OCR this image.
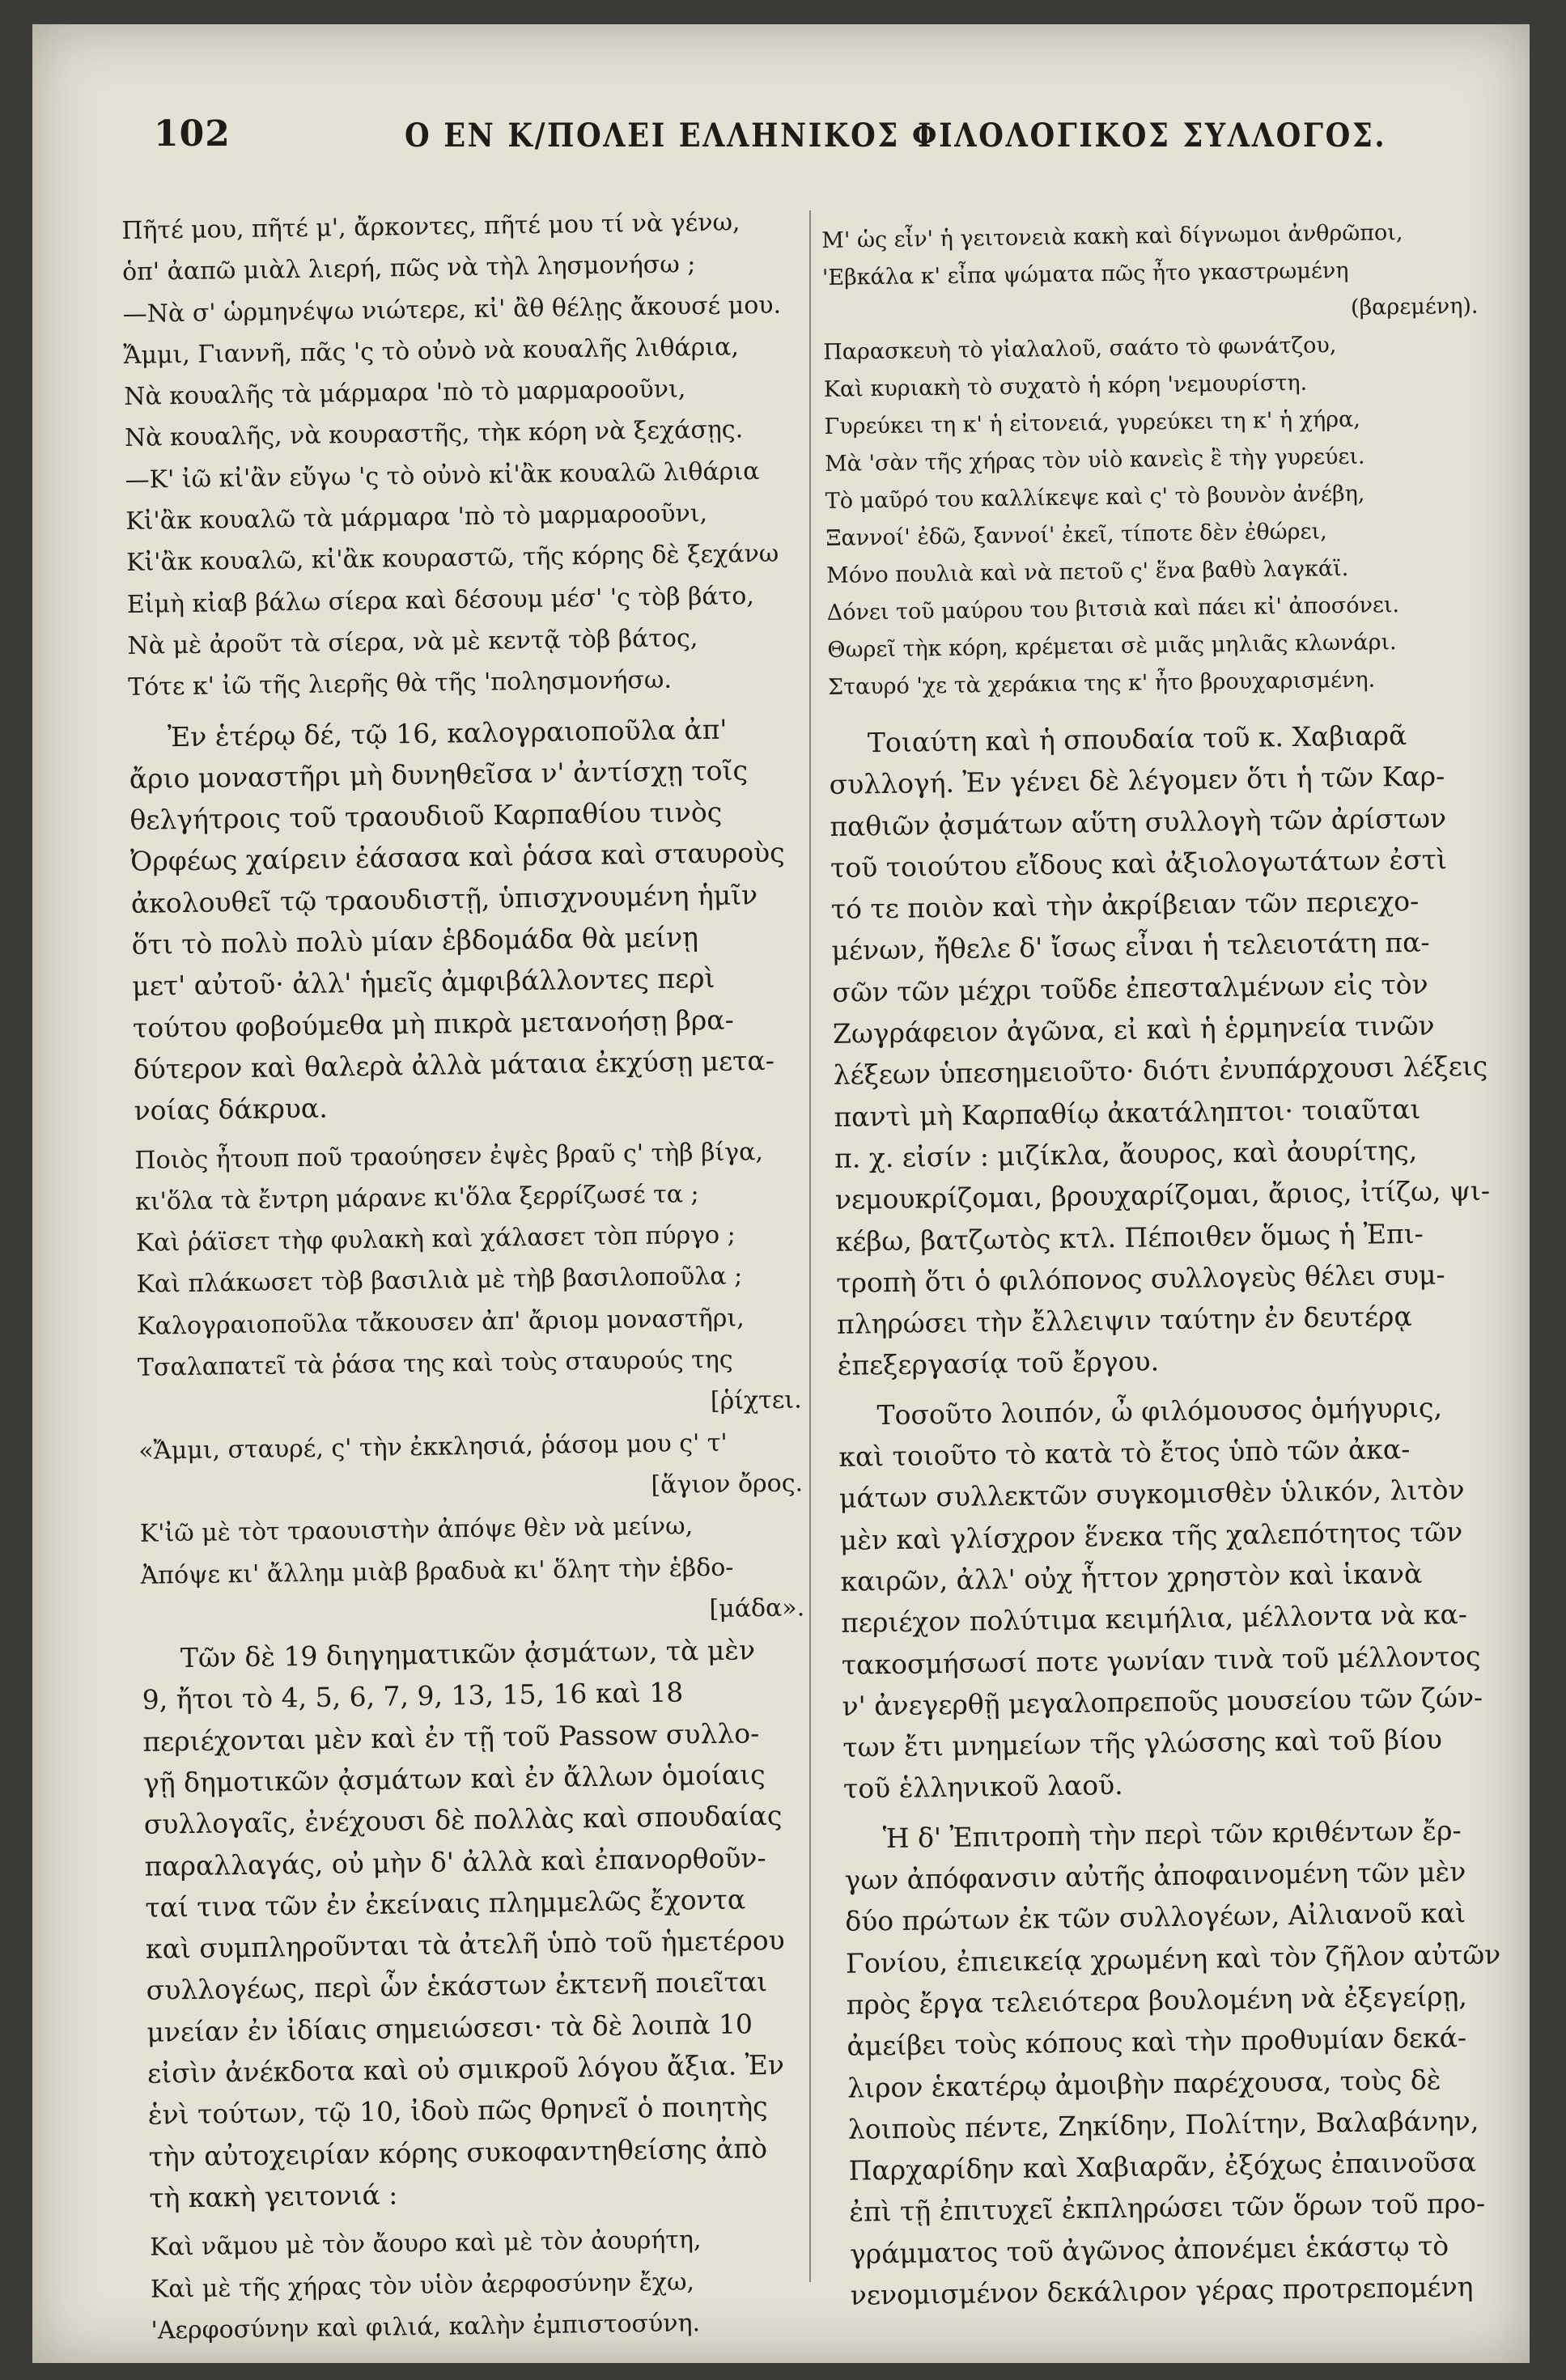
102	Ο ΕΝ Κ/ΠΟΛΕΙ ΕΛΛΗΝΙΚΟΣ ΦΙΛΟΛΟΓΙΚΟΣ ΣΥΛΛΟΓΟΣ.
Πῆτέ μου, πῆτέ μ', ἄρκοντες, πῆτέ μου τί νὰ γένω,
ὁπ' ἀαπῶ μιὰλ λιερή, πῶς νὰ τὴλ λησμονήσω ;
—Νὰ σ' ὡρμηνέψω νιώτερε, κἰ' ἂθ θέλῃς ἄκουσέ μου.
Ἄμμι, Γιαννῆ, πᾶς 'ς τὸ οὐνὸ νὰ κουαλῆς λιθάρια,
Νὰ κουαλῆς τὰ μάρμαρα 'πὸ τὸ μαρμαροοῦνι,
Νὰ κουαλῆς, νὰ κουραστῆς, τὴκ κόρη νὰ ξεχάσῃς.
—Κ' ἰῶ κἰ'ἂν εὔγω 'ς τὸ οὐνὸ κἰ'ἂκ κουαλῶ λιθάρια
Κἰ'ἂκ κουαλῶ τὰ μάρμαρα 'πὸ τὸ μαρμαροοῦνι,
Κἰ'ἂκ κουαλῶ, κἰ'ἂκ κουραστῶ, τῆς κόρης δὲ ξεχάνω
Εἰμὴ κἰαβ βάλω σίερα καὶ δέσουμ μέσ' 'ς τὸβ βάτο,
Νὰ μὲ ἀροῦτ τὰ σίερα, νὰ μὲ κεντᾷ τὸβ βάτος,
Τότε κ' ἰῶ τῆς λιερῆς θὰ τῆς 'πολησμονήσω.
Ἐν ἑτέρῳ δέ, τῷ 16, καλογραιοποῦλα ἀπ'
ἄριο μοναστῆρι μὴ δυνηθεῖσα ν' ἀντίσχῃ τοῖς
θελγήτροις τοῦ τραουδιοῦ Καρπαθίου τινὸς
Ὀρφέως χαίρειν ἐάσασα καὶ ῥάσα καὶ σταυροὺς
ἀκολουθεῖ τῷ τραουδιστῇ, ὑπισχνουμένη ἡμῖν
ὅτι τὸ πολὺ πολὺ μίαν ἑβδομάδα θὰ μείνῃ
μετ' αὐτοῦ· ἀλλ' ἡμεῖς ἀμφιβάλλοντες περὶ
τούτου φοβούμεθα μὴ πικρὰ μετανοήσῃ βρα-
δύτερον καὶ θαλερὰ ἀλλὰ μάταια ἐκχύσῃ μετα-
νοίας δάκρυα.
Ποιὸς ἦτουπ ποῦ τραούησεν ἐψὲς βραῦ ς' τὴβ βίγα,
κι'ὅλα τὰ ἔντρη μάρανε κι'ὅλα ξερρίζωσέ τα ;
Καὶ ῥάϊσετ τὴφ φυλακὴ καὶ χάλασετ τὸπ πύργο ;
Καὶ πλάκωσετ τὸβ βασιλιὰ μὲ τὴβ βασιλοποῦλα ;
Καλογραιοποῦλα τἄκουσεν ἀπ' ἄριομ μοναστῆρι,
Τσαλαπατεῖ τὰ ῥάσα της καὶ τοὺς σταυρούς της
[ῥίχτει.
«Ἄμμι, σταυρέ, ς' τὴν ἐκκλησιά, ῥάσομ μου ς' τ'
[ἅγιον ὄρος.
Κ'ἰῶ μὲ τὸτ τραουιστὴν ἀπόψε θὲν νὰ μείνω,
Ἀπόψε κι' ἄλλημ μιὰβ βραδυὰ κι' ὅλητ τὴν ἑβδο-
[μάδα».
Τῶν δὲ 19 διηγηματικῶν ᾀσμάτων, τὰ μὲν
9, ἤτοι τὸ 4, 5, 6, 7, 9, 13, 15, 16 καὶ 18
περιέχονται μὲν καὶ ἐν τῇ τοῦ Passow συλλο-
γῇ δημοτικῶν ᾀσμάτων καὶ ἐν ἄλλων ὁμοίαις
συλλογαῖς, ἐνέχουσι δὲ πολλὰς καὶ σπουδαίας
παραλλαγάς, οὐ μὴν δ' ἀλλὰ καὶ ἐπανορθοῦν-
ταί τινα τῶν ἐν ἐκείναις πλημμελῶς ἔχοντα
καὶ συμπληροῦνται τὰ ἀτελῆ ὑπὸ τοῦ ἡμετέρου
συλλογέως, περὶ ὧν ἑκάστων ἐκτενῆ ποιεῖται
μνείαν ἐν ἰδίαις σημειώσεσι· τὰ δὲ λοιπὰ 10
εἰσὶν ἀνέκδοτα καὶ οὐ σμικροῦ λόγου ἄξια. Ἐν
ἑνὶ τούτων, τῷ 10, ἰδοὺ πῶς θρηνεῖ ὁ ποιητὴς
τὴν αὐτοχειρίαν κόρης συκοφαντηθείσης ἀπὸ
τὴ κακὴ γειτονιά :
Καὶ νᾶμου μὲ τὸν ἄουρο καὶ μὲ τὸν ἀουρήτη,
Καὶ μὲ τῆς χήρας τὸν υἱὸν ἀερφοσύνην ἔχω,
'Αερφοσύνην καὶ φιλιά, καλὴν ἐμπιστοσύνη.
Μ' ὡς εἶν' ἡ γειτονειὰ κακὴ καὶ δίγνωμοι ἀνθρῶποι,
'Εβκάλα κ' εἶπα ψώματα πῶς ἦτο γκαστρωμένη
(βαρεμένη).
Παρασκευὴ τὸ γἰαλαλοῦ, σαάτο τὸ φωνάτζου,
Καὶ κυριακὴ τὸ συχατὸ ἡ κόρη 'νεμουρίστη.
Γυρεύκει τη κ' ἡ εἰτονειά, γυρεύκει τη κ' ἡ χήρα,
Μὰ 'σὰν τῆς χήρας τὸν υἱὸ κανεὶς ἒ τὴγ γυρεύει.
Τὸ μαῦρό του καλλίκεψε καὶ ς' τὸ βουνὸν ἀνέβη,
Ξαννοί' ἐδῶ, ξαννοί' ἐκεῖ, τίποτε δὲν ἐθώρει,
Μόνο πουλιὰ καὶ νὰ πετοῦ ς' ἕνα βαθὺ λαγκάϊ.
Δόνει τοῦ μαύρου του βιτσιὰ καὶ πάει κἰ' ἀποσόνει.
Θωρεῖ τὴκ κόρη, κρέμεται σὲ μιᾶς μηλιᾶς κλωνάρι.
Σταυρό 'χε τὰ χεράκια της κ' ἦτο βρουχαρισμένη.
Τοιαύτη καὶ ἡ σπουδαία τοῦ κ. Χαβιαρᾶ
συλλογή. Ἐν γένει δὲ λέγομεν ὅτι ἡ τῶν Καρ-
παθιῶν ᾀσμάτων αὕτη συλλογὴ τῶν ἀρίστων
τοῦ τοιούτου εἴδους καὶ ἀξιολογωτάτων ἐστὶ
τό τε ποιὸν καὶ τὴν ἀκρίβειαν τῶν περιεχο-
μένων, ἤθελε δ' ἴσως εἶναι ἡ τελειοτάτη πα-
σῶν τῶν μέχρι τοῦδε ἐπεσταλμένων εἰς τὸν
Ζωγράφειον ἀγῶνα, εἰ καὶ ἡ ἑρμηνεία τινῶν
λέξεων ὑπεσημειοῦτο· διότι ἐνυπάρχουσι λέξεις
παντὶ μὴ Καρπαθίῳ ἀκατάληπτοι· τοιαῦται
π. χ. εἰσίν : μιζίκλα, ἄουρος, καὶ ἀουρίτης,
νεμουκρίζομαι, βρουχαρίζομαι, ἄριος, ἰτίζω, ψι-
κέβω, βατζωτὸς κτλ. Πέποιθεν ὅμως ἡ Ἐπι-
τροπὴ ὅτι ὁ φιλόπονος συλλογεὺς θέλει συμ-
πληρώσει τὴν ἔλλειψιν ταύτην ἐν δευτέρᾳ
ἐπεξεργασίᾳ τοῦ ἔργου.
Τοσοῦτο λοιπόν, ὦ φιλόμουσος ὁμήγυρις,
καὶ τοιοῦτο τὸ κατὰ τὸ ἔτος ὑπὸ τῶν ἀκα-
μάτων συλλεκτῶν συγκομισθὲν ὑλικόν, λιτὸν
μὲν καὶ γλίσχρον ἕνεκα τῆς χαλεπότητος τῶν
καιρῶν, ἀλλ' οὐχ ἧττον χρηστὸν καὶ ἱκανὰ
περιέχον πολύτιμα κειμήλια, μέλλοντα νὰ κα-
τακοσμήσωσί ποτε γωνίαν τινὰ τοῦ μέλλοντος
ν' ἀνεγερθῇ μεγαλοπρεποῦς μουσείου τῶν ζών-
των ἔτι μνημείων τῆς γλώσσης καὶ τοῦ βίου
τοῦ ἑλληνικοῦ λαοῦ.
Ἡ δ' Ἐπιτροπὴ τὴν περὶ τῶν κριθέντων ἔρ-
γων ἀπόφανσιν αὐτῆς ἀποφαινομένη τῶν μὲν
δύο πρώτων ἐκ τῶν συλλογέων, Αἰλιανοῦ καὶ
Γονίου, ἐπιεικείᾳ χρωμένη καὶ τὸν ζῆλον αὐτῶν
πρὸς ἔργα τελειότερα βουλομένη νὰ ἐξεγείρῃ,
ἀμείβει τοὺς κόπους καὶ τὴν προθυμίαν δεκά-
λιρον ἑκατέρῳ ἀμοιβὴν παρέχουσα, τοὺς δὲ
λοιποὺς πέντε, Ζηκίδην, Πολίτην, Βαλαβάνην,
Παρχαρίδην καὶ Χαβιαρᾶν, ἐξόχως ἐπαινοῦσα
ἐπὶ τῇ ἐπιτυχεῖ ἐκπληρώσει τῶν ὅρων τοῦ προ-
γράμματος τοῦ ἀγῶνος ἀπονέμει ἑκάστῳ τὸ
νενομισμένον δεκάλιρον γέρας προτρεπομένη
